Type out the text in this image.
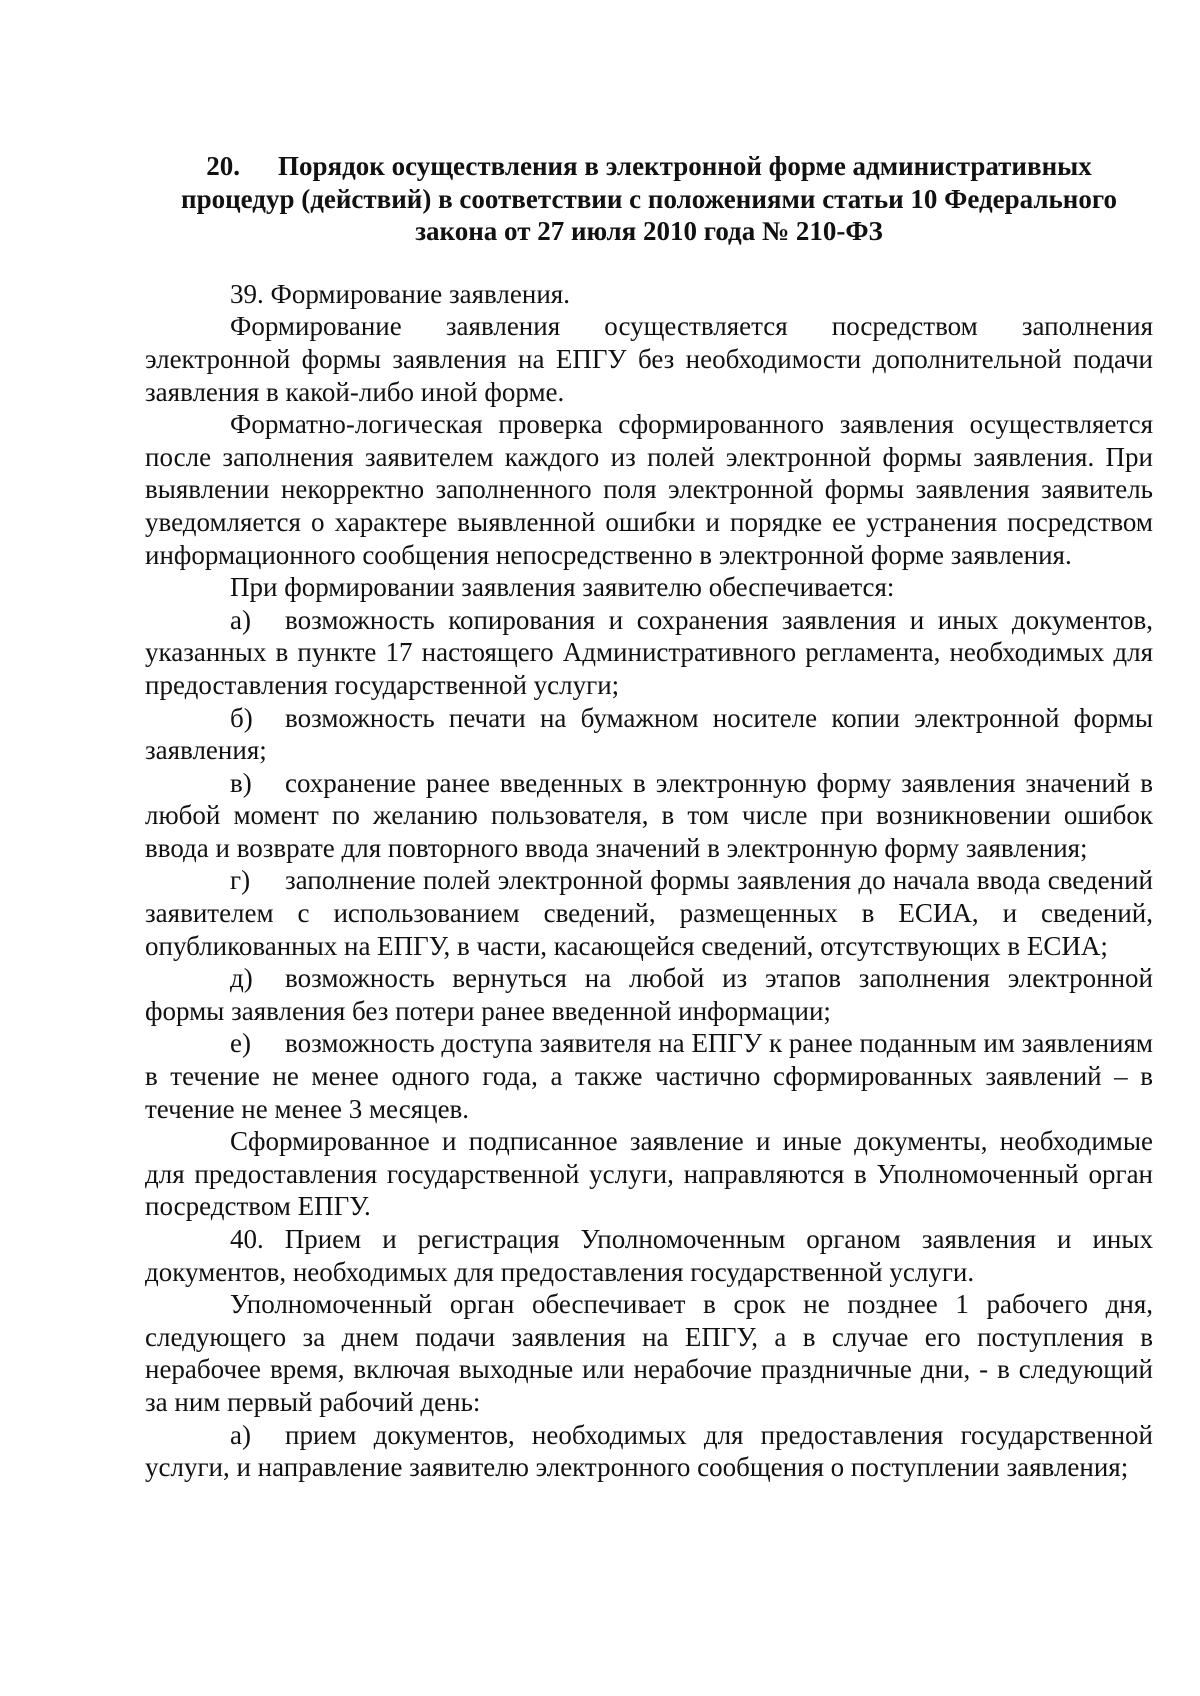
20. Порядок осуществления в электронной форме административных процедур (действий) в соответствии с положениями статьи 10 Федерального закона от 27 июля 2010 года № 210-ФЗ
39. Формирование заявления.
Формирование заявления осуществляется посредством заполнения электронной формы заявления на ЕПГУ без необходимости дополнительной подачи заявления в какой-либо иной форме.
Форматно-логическая проверка сформированного заявления осуществляется после заполнения заявителем каждого из полей электронной формы заявления. При выявлении некорректно заполненного поля электронной формы заявления заявитель уведомляется о характере выявленной ошибки и порядке ее устранения посредством информационного сообщения непосредственно в электронной форме заявления.
При формировании заявления заявителю обеспечивается:
а) возможность копирования и сохранения заявления и иных документов, указанных в пункте 17 настоящего Административного регламента, необходимых для предоставления государственной услуги;
б) возможность печати на бумажном носителе копии электронной формы заявления;
в) сохранение ранее введенных в электронную форму заявления значений в любой момент по желанию пользователя, в том числе при возникновении ошибок ввода и возврате для повторного ввода значений в электронную форму заявления;
г) заполнение полей электронной формы заявления до начала ввода сведений заявителем с использованием сведений, размещенных в ЕСИА, и сведений, опубликованных на ЕПГУ, в части, касающейся сведений, отсутствующих в ЕСИА;
д) возможность вернуться на любой из этапов заполнения электронной формы заявления без потери ранее введенной информации;
е) возможность доступа заявителя на ЕПГУ к ранее поданным им заявлениям в течение не менее одного года, а также частично сформированных заявлений – в течение не менее 3 месяцев.
Сформированное и подписанное заявление и иные документы, необходимые для предоставления государственной услуги, направляются в Уполномоченный орган посредством ЕПГУ.
40. Прием и регистрация Уполномоченным органом заявления и иных документов, необходимых для предоставления государственной услуги.
Уполномоченный орган обеспечивает в срок не позднее 1 рабочего дня, следующего за днем подачи заявления на ЕПГУ, а в случае его поступления в нерабочее время, включая выходные или нерабочие праздничные дни, - в следующий за ним первый рабочий день:
а) прием документов, необходимых для предоставления государственной услуги, и направление заявителю электронного сообщения о поступлении заявления;
